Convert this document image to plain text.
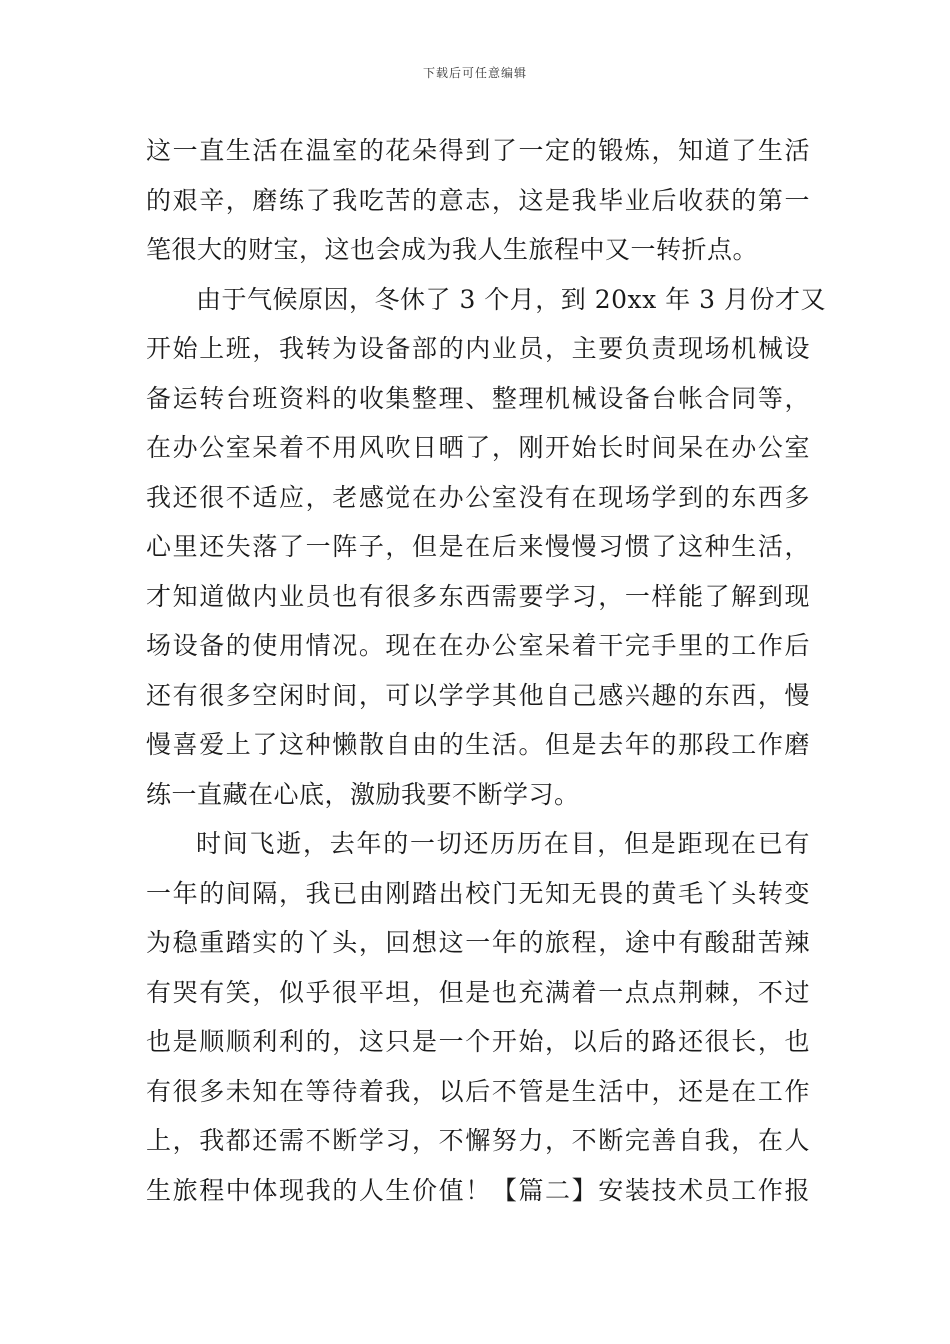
下载后可任意编辑
这一直生活在温室的花朵得到了一定的锻炼，知道了生活
的艰辛，磨练了我吃苦的意志，这是我毕业后收获的第一
笔很大的财宝，这也会成为我人生旅程中又一转折点。
由于气候原因，冬休了 3 个月，到 20xx 年 3 月份才又
开始上班，我转为设备部的内业员，主要负责现场机械设
备运转台班资料的收集整理、整理机械设备台帐合同等，
在办公室呆着不用风吹日晒了，刚开始长时间呆在办公室
我还很不适应，老感觉在办公室没有在现场学到的东西多
心里还失落了一阵子，但是在后来慢慢习惯了这种生活，
才知道做内业员也有很多东西需要学习，一样能了解到现
场设备的使用情况。现在在办公室呆着干完手里的工作后
还有很多空闲时间，可以学学其他自己感兴趣的东西，慢
慢喜爱上了这种懒散自由的生活。但是去年的那段工作磨
练一直藏在心底，激励我要不断学习。
时间飞逝，去年的一切还历历在目，但是距现在已有
一年的间隔，我已由刚踏出校门无知无畏的黄毛丫头转变
为稳重踏实的丫头，回想这一年的旅程，途中有酸甜苦辣
有哭有笑，似乎很平坦，但是也充满着一点点荆棘，不过
也是顺顺利利的，这只是一个开始，以后的路还很长，也
有很多未知在等待着我，以后不管是生活中，还是在工作
上，我都还需不断学习，不懈努力，不断完善自我，在人
生旅程中体现我的人生价值！【篇二】安装技术员工作报
